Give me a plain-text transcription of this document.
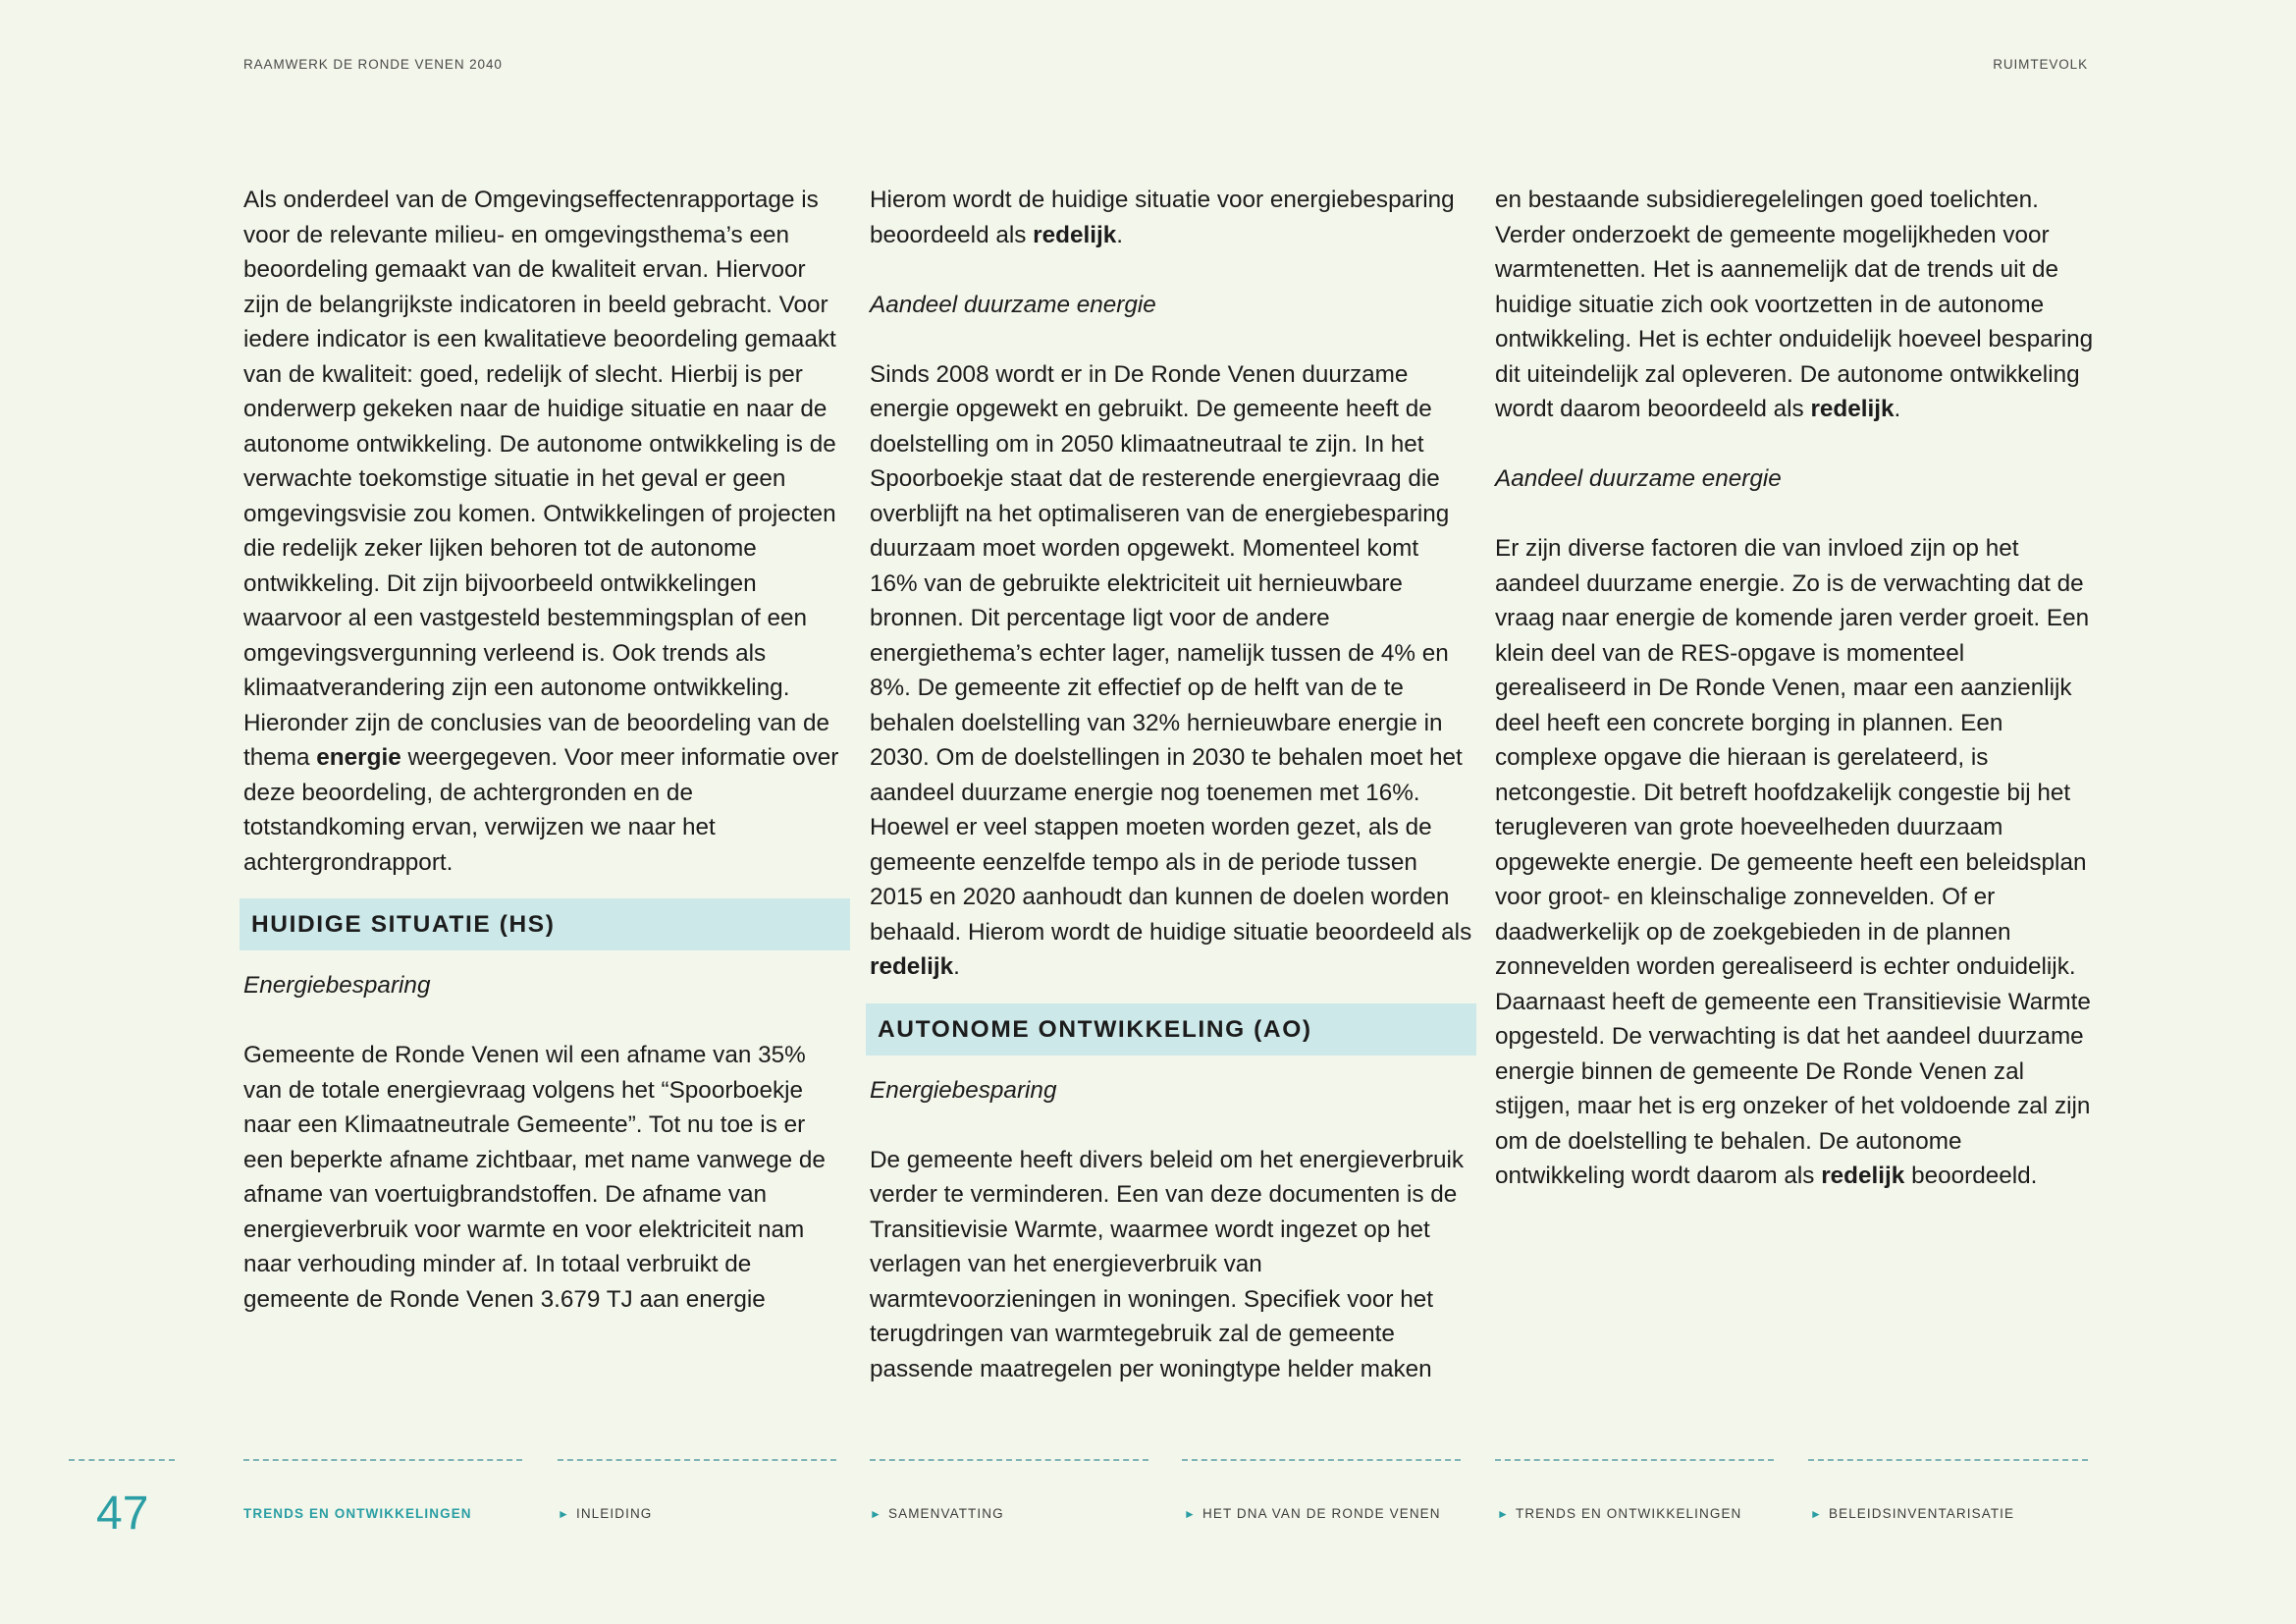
RAAMWERK DE RONDE VENEN 2040	RUIMTEVOLK

Als onderdeel van de Omgevingseffectenrapportage is voor de relevante milieu- en omgevingsthema’s een beoordeling gemaakt van de kwaliteit ervan. Hiervoor zijn de belangrijkste indicatoren in beeld gebracht. Voor iedere indicator is een kwalitatieve beoordeling gemaakt van de kwaliteit: goed, redelijk of slecht. Hierbij is per onderwerp gekeken naar de huidige situatie en naar de autonome ontwikkeling. De autonome ontwikkeling is de verwachte toekomstige situatie in het geval er geen omgevingsvisie zou komen. Ontwikkelingen of projecten die redelijk zeker lijken behoren tot de autonome ontwikkeling. Dit zijn bijvoorbeeld ontwikkelingen waarvoor al een vastgesteld bestemmingsplan of een omgevingsvergunning verleend is. Ook trends als klimaatverandering zijn een autonome ontwikkeling. Hieronder zijn de conclusies van de beoordeling van de thema energie weergegeven. Voor meer informatie over deze beoordeling, de achtergronden en de totstandkoming ervan, verwijzen we naar het achtergrondrapport.

HUIDIGE SITUATIE (HS)

Energiebesparing

Gemeente de Ronde Venen wil een afname van 35% van de totale energievraag volgens het “Spoorboekje naar een Klimaatneutrale Gemeente”. Tot nu toe is er een beperkte afname zichtbaar, met name vanwege de afname van voertuigbrandstoffen. De afname van energieverbruik voor warmte en voor elektriciteit nam naar verhouding minder af. In totaal verbruikt de gemeente de Ronde Venen 3.679 TJ aan energie

Hierom wordt de huidige situatie voor energiebesparing beoordeeld als redelijk.

Aandeel duurzame energie

Sinds 2008 wordt er in De Ronde Venen duurzame energie opgewekt en gebruikt. De gemeente heeft de doelstelling om in 2050 klimaatneutraal te zijn. In het Spoorboekje staat dat de resterende energievraag die overblijft na het optimaliseren van de energiebesparing duurzaam moet worden opgewekt. Momenteel komt 16% van de gebruikte elektriciteit uit hernieuwbare bronnen. Dit percentage ligt voor de andere energiethema’s echter lager, namelijk tussen de 4% en 8%. De gemeente zit effectief op de helft van de te behalen doelstelling van 32% hernieuwbare energie in 2030. Om de doelstellingen in 2030 te behalen moet het aandeel duurzame energie nog toenemen met 16%. Hoewel er veel stappen moeten worden gezet, als de gemeente eenzelfde tempo als in de periode tussen 2015 en 2020 aanhoudt dan kunnen de doelen worden behaald. Hierom wordt de huidige situatie beoordeeld als redelijk.

AUTONOME ONTWIKKELING (AO)

Energiebesparing

De gemeente heeft divers beleid om het energieverbruik verder te verminderen. Een van deze documenten is de Transitievisie Warmte, waarmee wordt ingezet op het verlagen van het energieverbruik van warmtevoorzieningen in woningen. Specifiek voor het terugdringen van warmtegebruik zal de gemeente passende maatregelen per woningtype helder maken

en bestaande subsidieregelelingen goed toelichten. Verder onderzoekt de gemeente mogelijkheden voor warmtenetten. Het is aannemelijk dat de trends uit de huidige situatie zich ook voortzetten in de autonome ontwikkeling. Het is echter onduidelijk hoeveel besparing dit uiteindelijk zal opleveren. De autonome ontwikkeling wordt daarom beoordeeld als redelijk.

Aandeel duurzame energie

Er zijn diverse factoren die van invloed zijn op het aandeel duurzame energie. Zo is de verwachting dat de vraag naar energie de komende jaren verder groeit. Een klein deel van de RES-opgave is momenteel gerealiseerd in De Ronde Venen, maar een aanzienlijk deel heeft een concrete borging in plannen. Een complexe opgave die hieraan is gerelateerd, is netcongestie. Dit betreft hoofdzakelijk congestie bij het terugleveren van grote hoeveelheden duurzaam opgewekte energie. De gemeente heeft een beleidsplan voor groot- en kleinschalige zonnevelden. Of er daadwerkelijk op de zoekgebieden in de plannen zonnevelden worden gerealiseerd is echter onduidelijk. Daarnaast heeft de gemeente een Transitievisie Warmte opgesteld. De verwachting is dat het aandeel duurzame energie binnen de gemeente De Ronde Venen zal stijgen, maar het is erg onzeker of het voldoende zal zijn om de doelstelling te behalen. De autonome ontwikkeling wordt daarom als redelijk beoordeeld.

47	TRENDS EN ONTWIKKELINGEN	► INLEIDING	► SAMENVATTING	► HET DNA VAN DE RONDE VENEN	► TRENDS EN ONTWIKKELINGEN	► BELEIDSINVENTARISATIE
